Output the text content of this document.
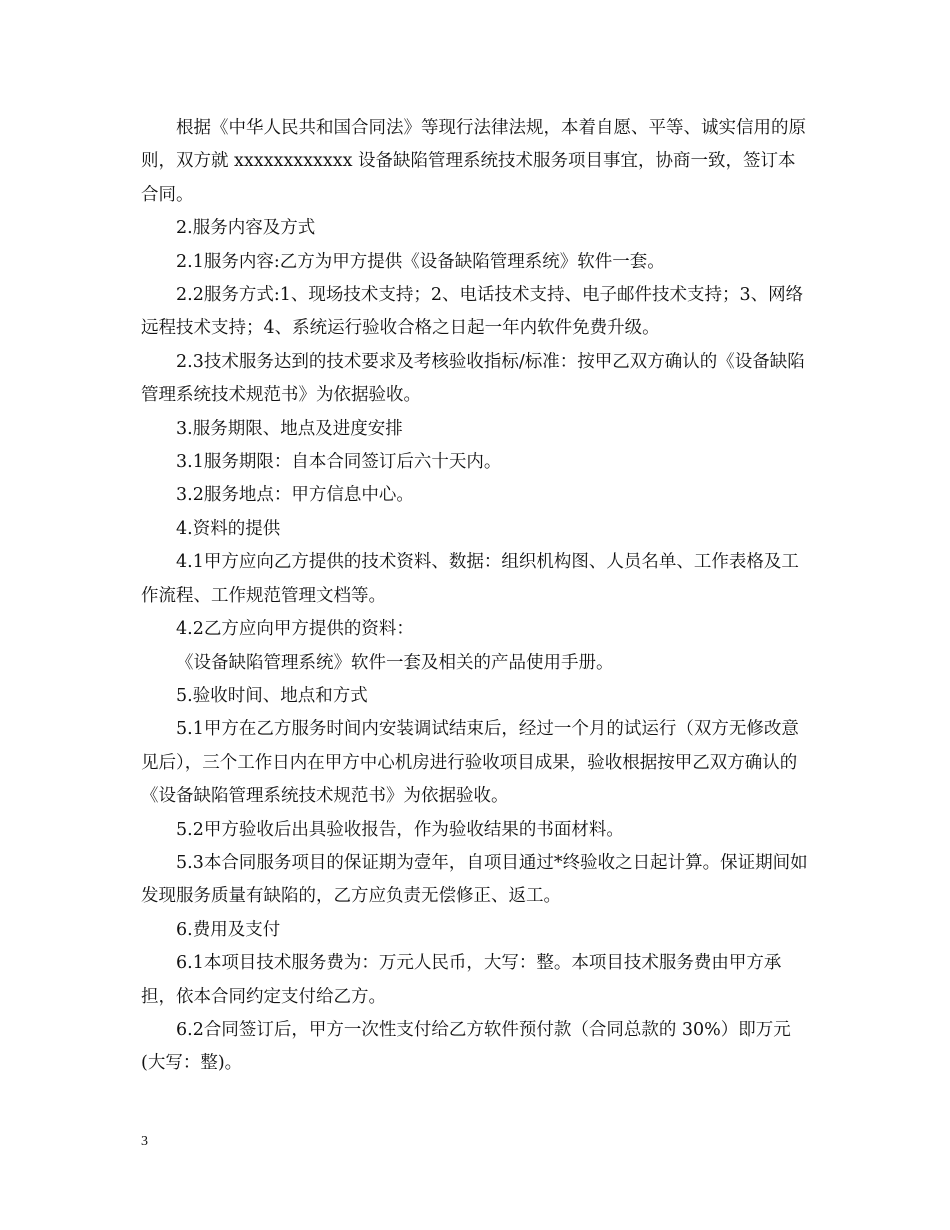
根据《中华人民共和国合同法》等现行法律法规，本着自愿、平等、诚实信用的原则，双方就 xxxxxxxxxxxx 设备缺陷管理系统技术服务项目事宜，协商一致，签订本合同。

2.服务内容及方式

2.1服务内容:乙方为甲方提供《设备缺陷管理系统》软件一套。

2.2服务方式:1、现场技术支持；2、电话技术支持、电子邮件技术支持；3、网络远程技术支持；4、系统运行验收合格之日起一年内软件免费升级。

2.3技术服务达到的技术要求及考核验收指标/标准：按甲乙双方确认的《设备缺陷管理系统技术规范书》为依据验收。

3.服务期限、地点及进度安排

3.1服务期限：自本合同签订后六十天内。

3.2服务地点：甲方信息中心。

4.资料的提供

4.1甲方应向乙方提供的技术资料、数据：组织机构图、人员名单、工作表格及工作流程、工作规范管理文档等。

4.2乙方应向甲方提供的资料：

《设备缺陷管理系统》软件一套及相关的产品使用手册。

5.验收时间、地点和方式

5.1甲方在乙方服务时间内安装调试结束后，经过一个月的试运行（双方无修改意见后），三个工作日内在甲方中心机房进行验收项目成果，验收根据按甲乙双方确认的《设备缺陷管理系统技术规范书》为依据验收。

5.2甲方验收后出具验收报告，作为验收结果的书面材料。

5.3本合同服务项目的保证期为壹年，自项目通过*终验收之日起计算。保证期间如发现服务质量有缺陷的，乙方应负责无偿修正、返工。

6.费用及支付

6.1本项目技术服务费为：万元人民币，大写：整。本项目技术服务费由甲方承担，依本合同约定支付给乙方。

6.2合同签订后，甲方一次性支付给乙方软件预付款（合同总款的 30%）即万元(大写：整)。

3
